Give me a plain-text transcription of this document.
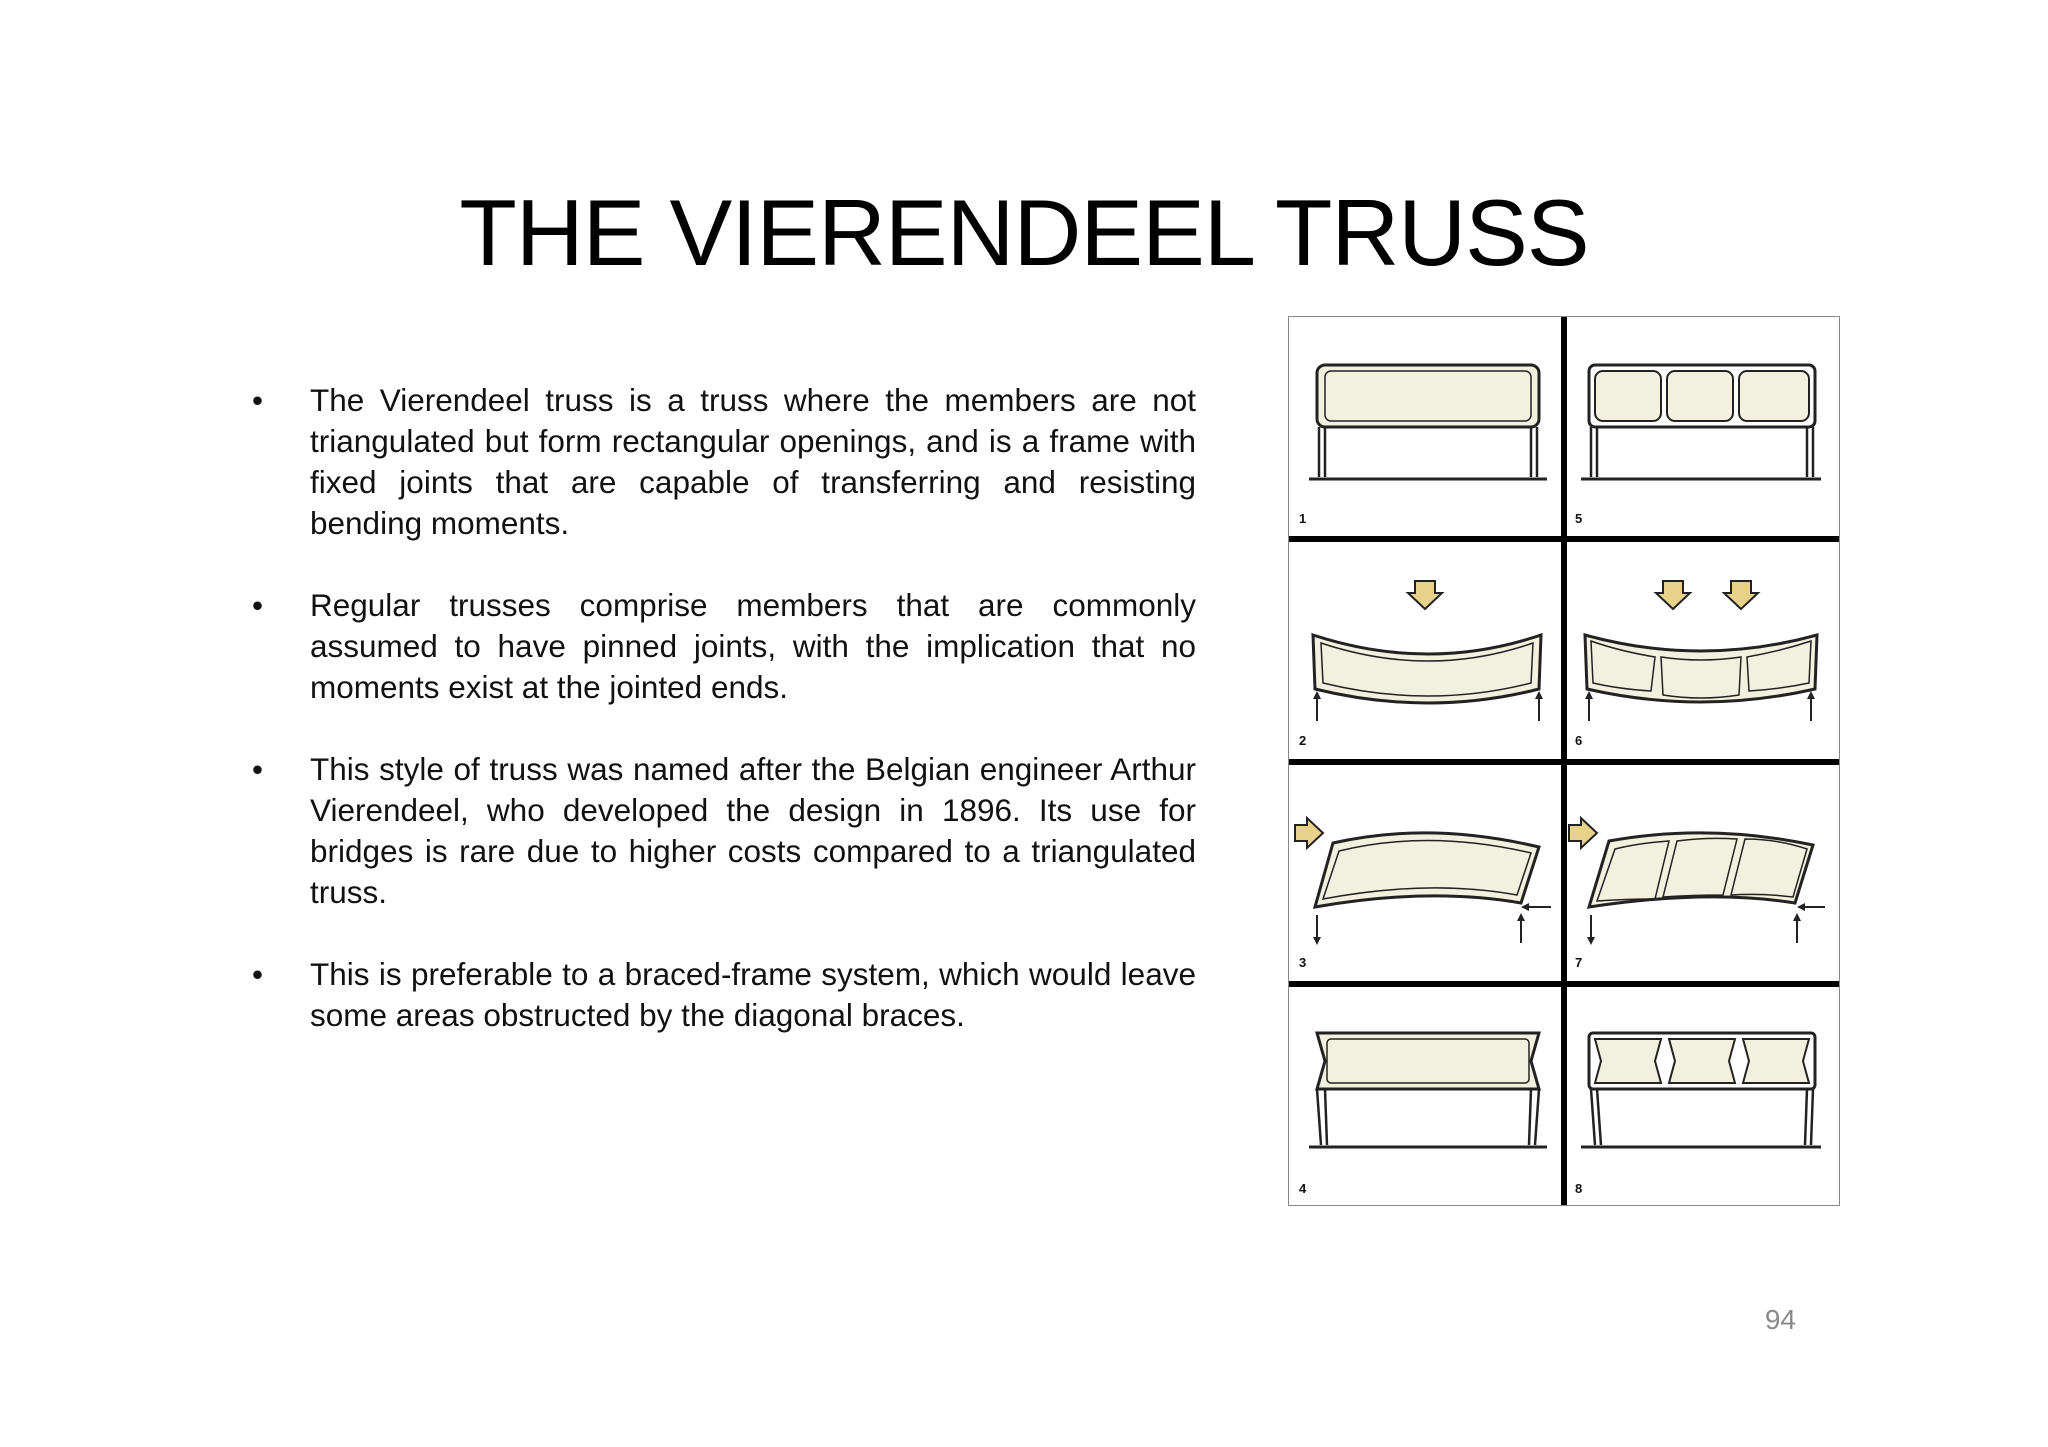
THE VIERENDEEL TRUSS
• The Vierendeel truss is a truss where the members are not triangulated but form rectangular openings, and is a frame with fixed joints that are capable of transferring and resisting bending moments.
• Regular trusses comprise members that are commonly assumed to have pinned joints, with the implication that no moments exist at the jointed ends.
• This style of truss was named after the Belgian engineer Arthur Vierendeel, who developed the design in 1896. Its use for bridges is rare due to higher costs compared to a triangulated truss.
• This is preferable to a braced-frame system, which would leave some areas obstructed by the diagonal braces.
1
2
3
4
5
6
7
8
94
